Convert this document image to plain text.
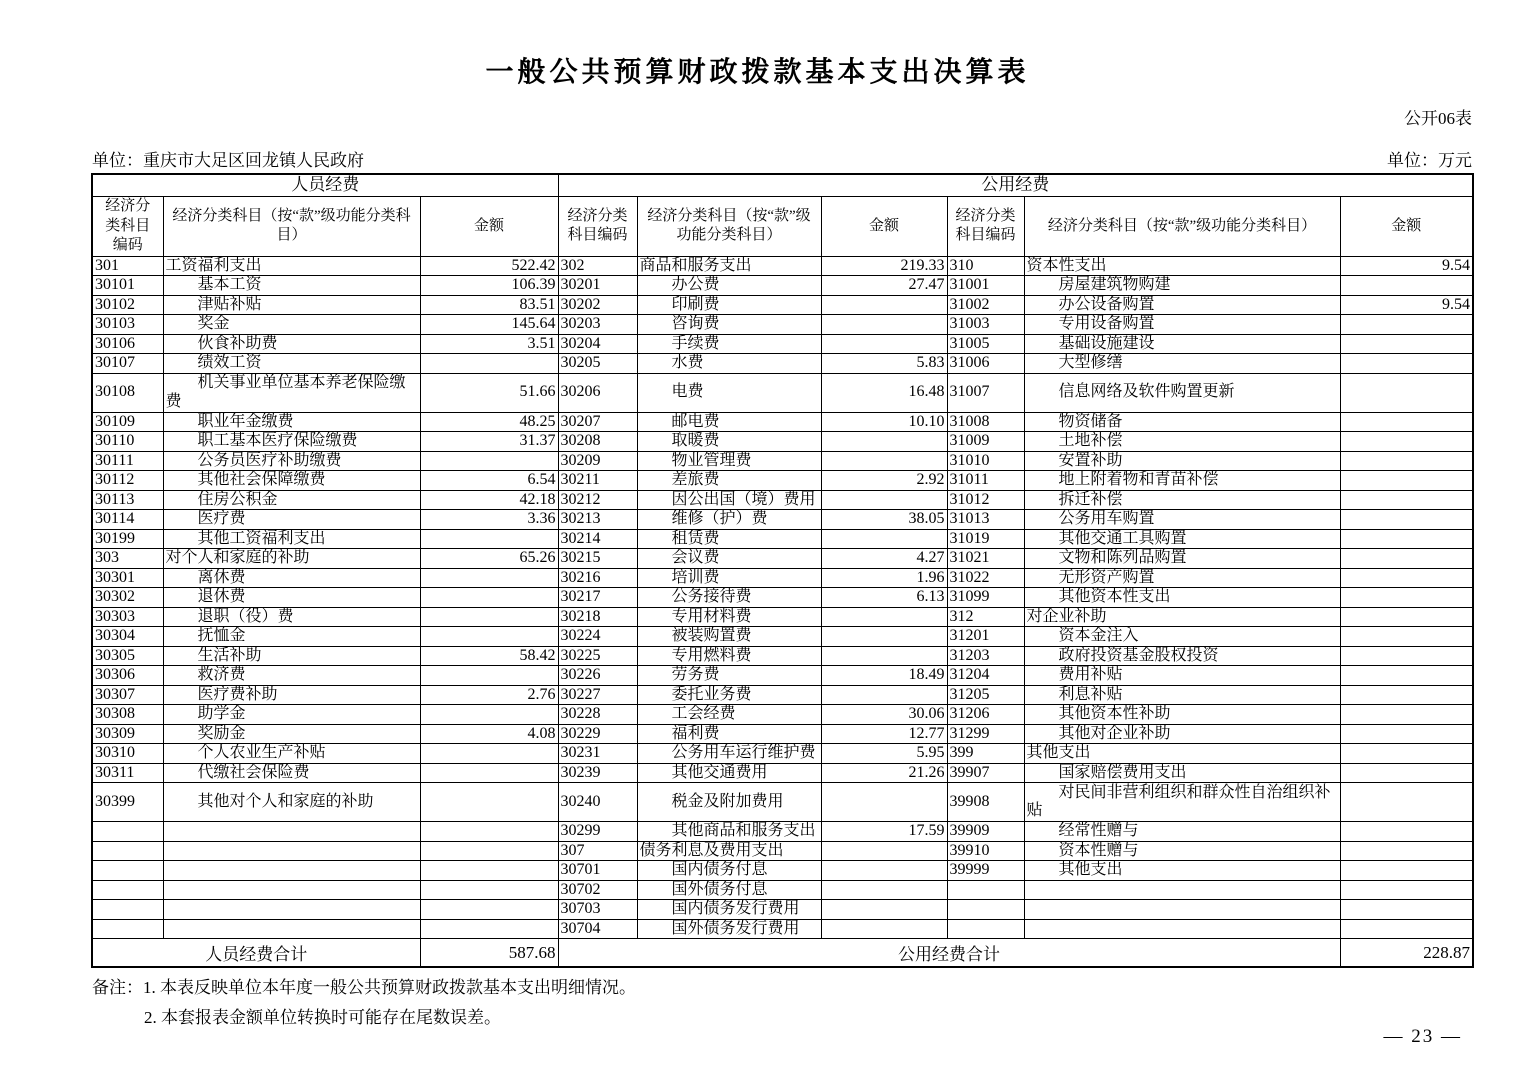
一般公共预算财政拨款基本支出决算表
公开06表
单位：重庆市大足区回龙镇人民政府	单位：万元
人员经费			公用经费					
经济分类科目编码	经济分类科目（按“款”级功能分类科目）	金额	经济分类科目编码	经济分类科目（按“款”级功能分类科目）	金额	经济分类科目编码	经济分类科目（按“款”级功能分类科目）	金额
301	工资福利支出	522.42	302	商品和服务支出	219.33	310	资本性支出	9.54
30101	基本工资	106.39	30201	办公费	27.47	31001	房屋建筑物购建	
30102	津贴补贴	83.51	30202	印刷费		31002	办公设备购置	9.54
30103	奖金	145.64	30203	咨询费		31003	专用设备购置	
30106	伙食补助费	3.51	30204	手续费		31005	基础设施建设	
30107	绩效工资		30205	水费	5.83	31006	大型修缮	
30108	机关事业单位基本养老保险缴费	51.66	30206	电费	16.48	31007	信息网络及软件购置更新	
30109	职业年金缴费	48.25	30207	邮电费	10.10	31008	物资储备	
30110	职工基本医疗保险缴费	31.37	30208	取暖费		31009	土地补偿	
30111	公务员医疗补助缴费		30209	物业管理费		31010	安置补助	
30112	其他社会保障缴费	6.54	30211	差旅费	2.92	31011	地上附着物和青苗补偿	
30113	住房公积金	42.18	30212	因公出国（境）费用		31012	拆迁补偿	
30114	医疗费	3.36	30213	维修（护）费	38.05	31013	公务用车购置	
30199	其他工资福利支出		30214	租赁费		31019	其他交通工具购置	
303	对个人和家庭的补助	65.26	30215	会议费	4.27	31021	文物和陈列品购置	
30301	离休费		30216	培训费	1.96	31022	无形资产购置	
30302	退休费		30217	公务接待费	6.13	31099	其他资本性支出	
30303	退职（役）费		30218	专用材料费		312	对企业补助	
30304	抚恤金		30224	被装购置费		31201	资本金注入	
30305	生活补助	58.42	30225	专用燃料费		31203	政府投资基金股权投资	
30306	救济费		30226	劳务费	18.49	31204	费用补贴	
30307	医疗费补助	2.76	30227	委托业务费		31205	利息补贴	
30308	助学金		30228	工会经费	30.06	31206	其他资本性补助	
30309	奖励金	4.08	30229	福利费	12.77	31299	其他对企业补助	
30310	个人农业生产补贴		30231	公务用车运行维护费	5.95	399	其他支出	
30311	代缴社会保险费		30239	其他交通费用	21.26	39907	国家赔偿费用支出	
30399	其他对个人和家庭的补助		30240	税金及附加费用		39908	对民间非营利组织和群众性自治组织补贴	
			30299	其他商品和服务支出	17.59	39909	经常性赠与	
			307	债务利息及费用支出		39910	资本性赠与	
			30701	国内债务付息		39999	其他支出	
			30702	国外债务付息				
			30703	国内债务发行费用				
			30704	国外债务发行费用				
人员经费合计		587.68	公用经费合计					228.87
备注：1. 本表反映单位本年度一般公共预算财政拨款基本支出明细情况。
2. 本套报表金额单位转换时可能存在尾数误差。
— 23 —
